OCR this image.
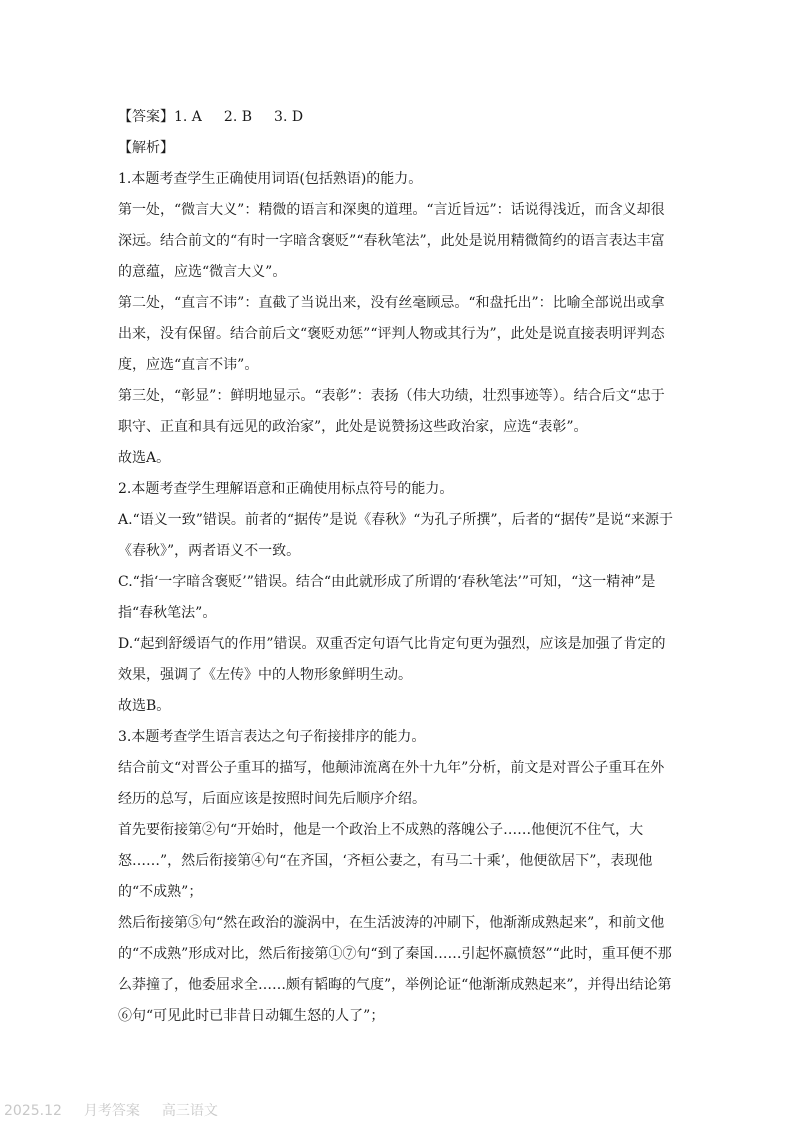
【答案】1. A 2. B 3. D

【解析】

1.本题考查学生正确使用词语(包括熟语)的能力。

第一处，“微言大义”：精微的语言和深奥的道理。“言近旨远”：话说得浅近，而含义却很深远。结合前文的“有时一字暗含褒贬”“春秋笔法”，此处是说用精微简约的语言表达丰富的意蕴，应选“微言大义”。

第二处，“直言不讳”：直截了当说出来，没有丝毫顾忌。“和盘托出”：比喻全部说出或拿出来，没有保留。结合前后文“褒贬劝惩”“评判人物或其行为”，此处是说直接表明评判态度，应选“直言不讳”。

第三处，“彰显”：鲜明地显示。“表彰”：表扬（伟大功绩，壮烈事迹等）。结合后文“忠于职守、正直和具有远见的政治家”，此处是说赞扬这些政治家，应选“表彰”。

故选A。

2.本题考查学生理解语意和正确使用标点符号的能力。

A.“语义一致”错误。前者的“据传”是说《春秋》“为孔子所撰”，后者的“据传”是说“来源于《春秋》”，两者语义不一致。

C.“指‘一字暗含褒贬’”错误。结合“由此就形成了所谓的‘春秋笔法’”可知，“这一精神”是指“春秋笔法”。

D.“起到舒缓语气的作用”错误。双重否定句语气比肯定句更为强烈，应该是加强了肯定的效果，强调了《左传》中的人物形象鲜明生动。

故选B。

3.本题考查学生语言表达之句子衔接排序的能力。

结合前文“对晋公子重耳的描写，他颠沛流离在外十九年”分析，前文是对晋公子重耳在外经历的总写，后面应该是按照时间先后顺序介绍。

首先要衔接第②句“开始时，他是一个政治上不成熟的落魄公子……他便沉不住气，大怒……”，然后衔接第④句“在齐国，‘齐桓公妻之，有马二十乘’，他便欲居下”，表现他的“不成熟”；

然后衔接第⑤句“然在政治的漩涡中，在生活波涛的冲刷下，他渐渐成熟起来”，和前文他的“不成熟”形成对比，然后衔接第①⑦句“到了秦国……引起怀嬴愤怒”“此时，重耳便不那么莽撞了，他委屈求全……颇有韬晦的气度”，举例论证“他渐渐成熟起来”，并得出结论第⑥句“可见此时已非昔日动辄生怒的人了”；

2025.12 月考答案 高三语文
